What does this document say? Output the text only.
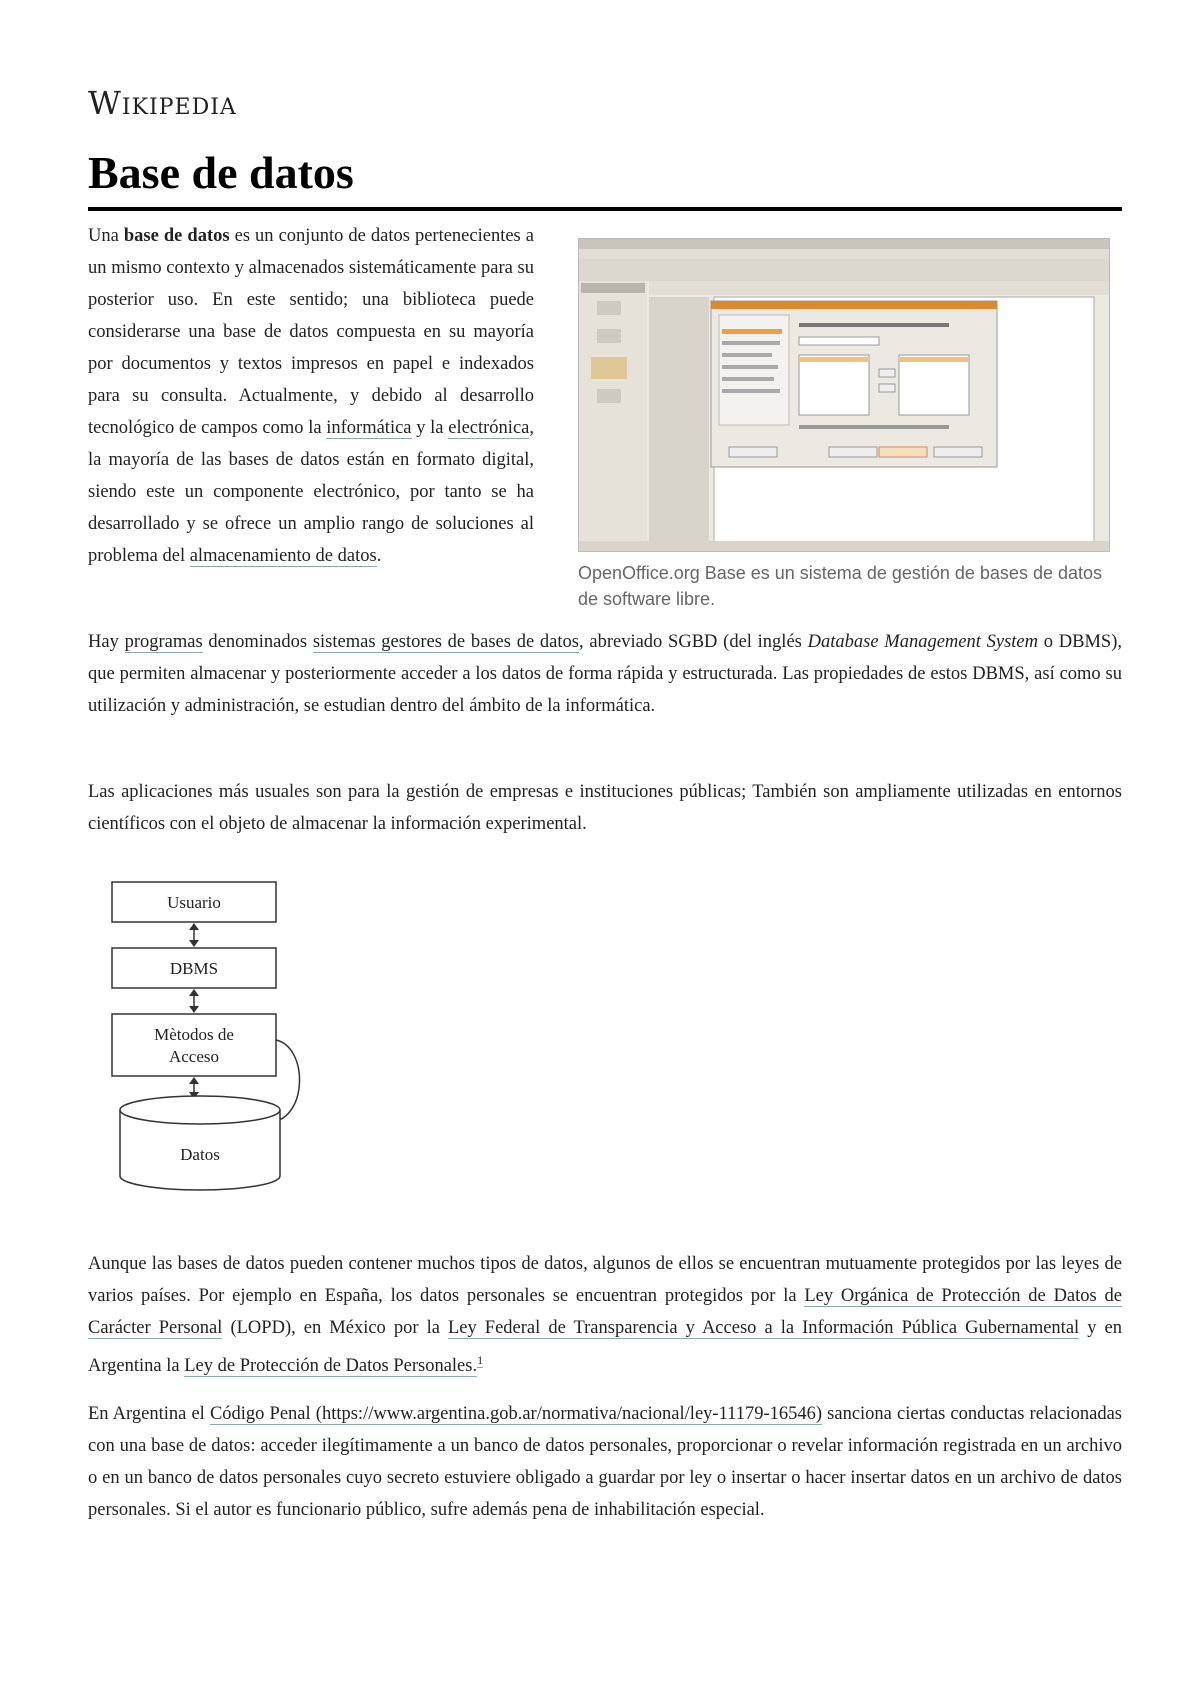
Wikipedia
Base de datos

Una base de datos es un conjunto de datos pertenecientes a un mismo contexto y almacenados sistemáticamente para su posterior uso. En este sentido; una biblioteca puede considerarse una base de datos compuesta en su mayoría por documentos y textos impresos en papel e indexados para su consulta. Actualmente, y debido al desarrollo tecnológico de campos como la informática y la electrónica, la mayoría de las bases de datos están en formato digital, siendo este un componente electrónico, por tanto se ha desarrollado y se ofrece un amplio rango de soluciones al problema del almacenamiento de datos.

OpenOffice.org Base es un sistema de gestión de bases de datos de software libre.

Hay programas denominados sistemas gestores de bases de datos, abreviado SGBD (del inglés Database Management System o DBMS), que permiten almacenar y posteriormente acceder a los datos de forma rápida y estructurada. Las propiedades de estos DBMS, así como su utilización y administración, se estudian dentro del ámbito de la informática.

Las aplicaciones más usuales son para la gestión de empresas e instituciones públicas; También son ampliamente utilizadas en entornos científicos con el objeto de almacenar la información experimental.

Usuario
DBMS
Mètodos de
Acceso
Datos

Aunque las bases de datos pueden contener muchos tipos de datos, algunos de ellos se encuentran mutuamente protegidos por las leyes de varios países. Por ejemplo en España, los datos personales se encuentran protegidos por la Ley Orgánica de Protección de Datos de Carácter Personal (LOPD), en México por la Ley Federal de Transparencia y Acceso a la Información Pública Gubernamental y en Argentina la Ley de Protección de Datos Personales.$^1$

En Argentina el Código Penal (https://www.argentina.gob.ar/normativa/nacional/ley-11179-16546) sanciona ciertas conductas relacionadas con una base de datos: acceder ilegítimamente a un banco de datos personales, proporcionar o revelar información registrada en un archivo o en un banco de datos personales cuyo secreto estuviere obligado a guardar por ley o insertar o hacer insertar datos en un archivo de datos personales. Si el autor es funcionario público, sufre además pena de inhabilitación especial.
